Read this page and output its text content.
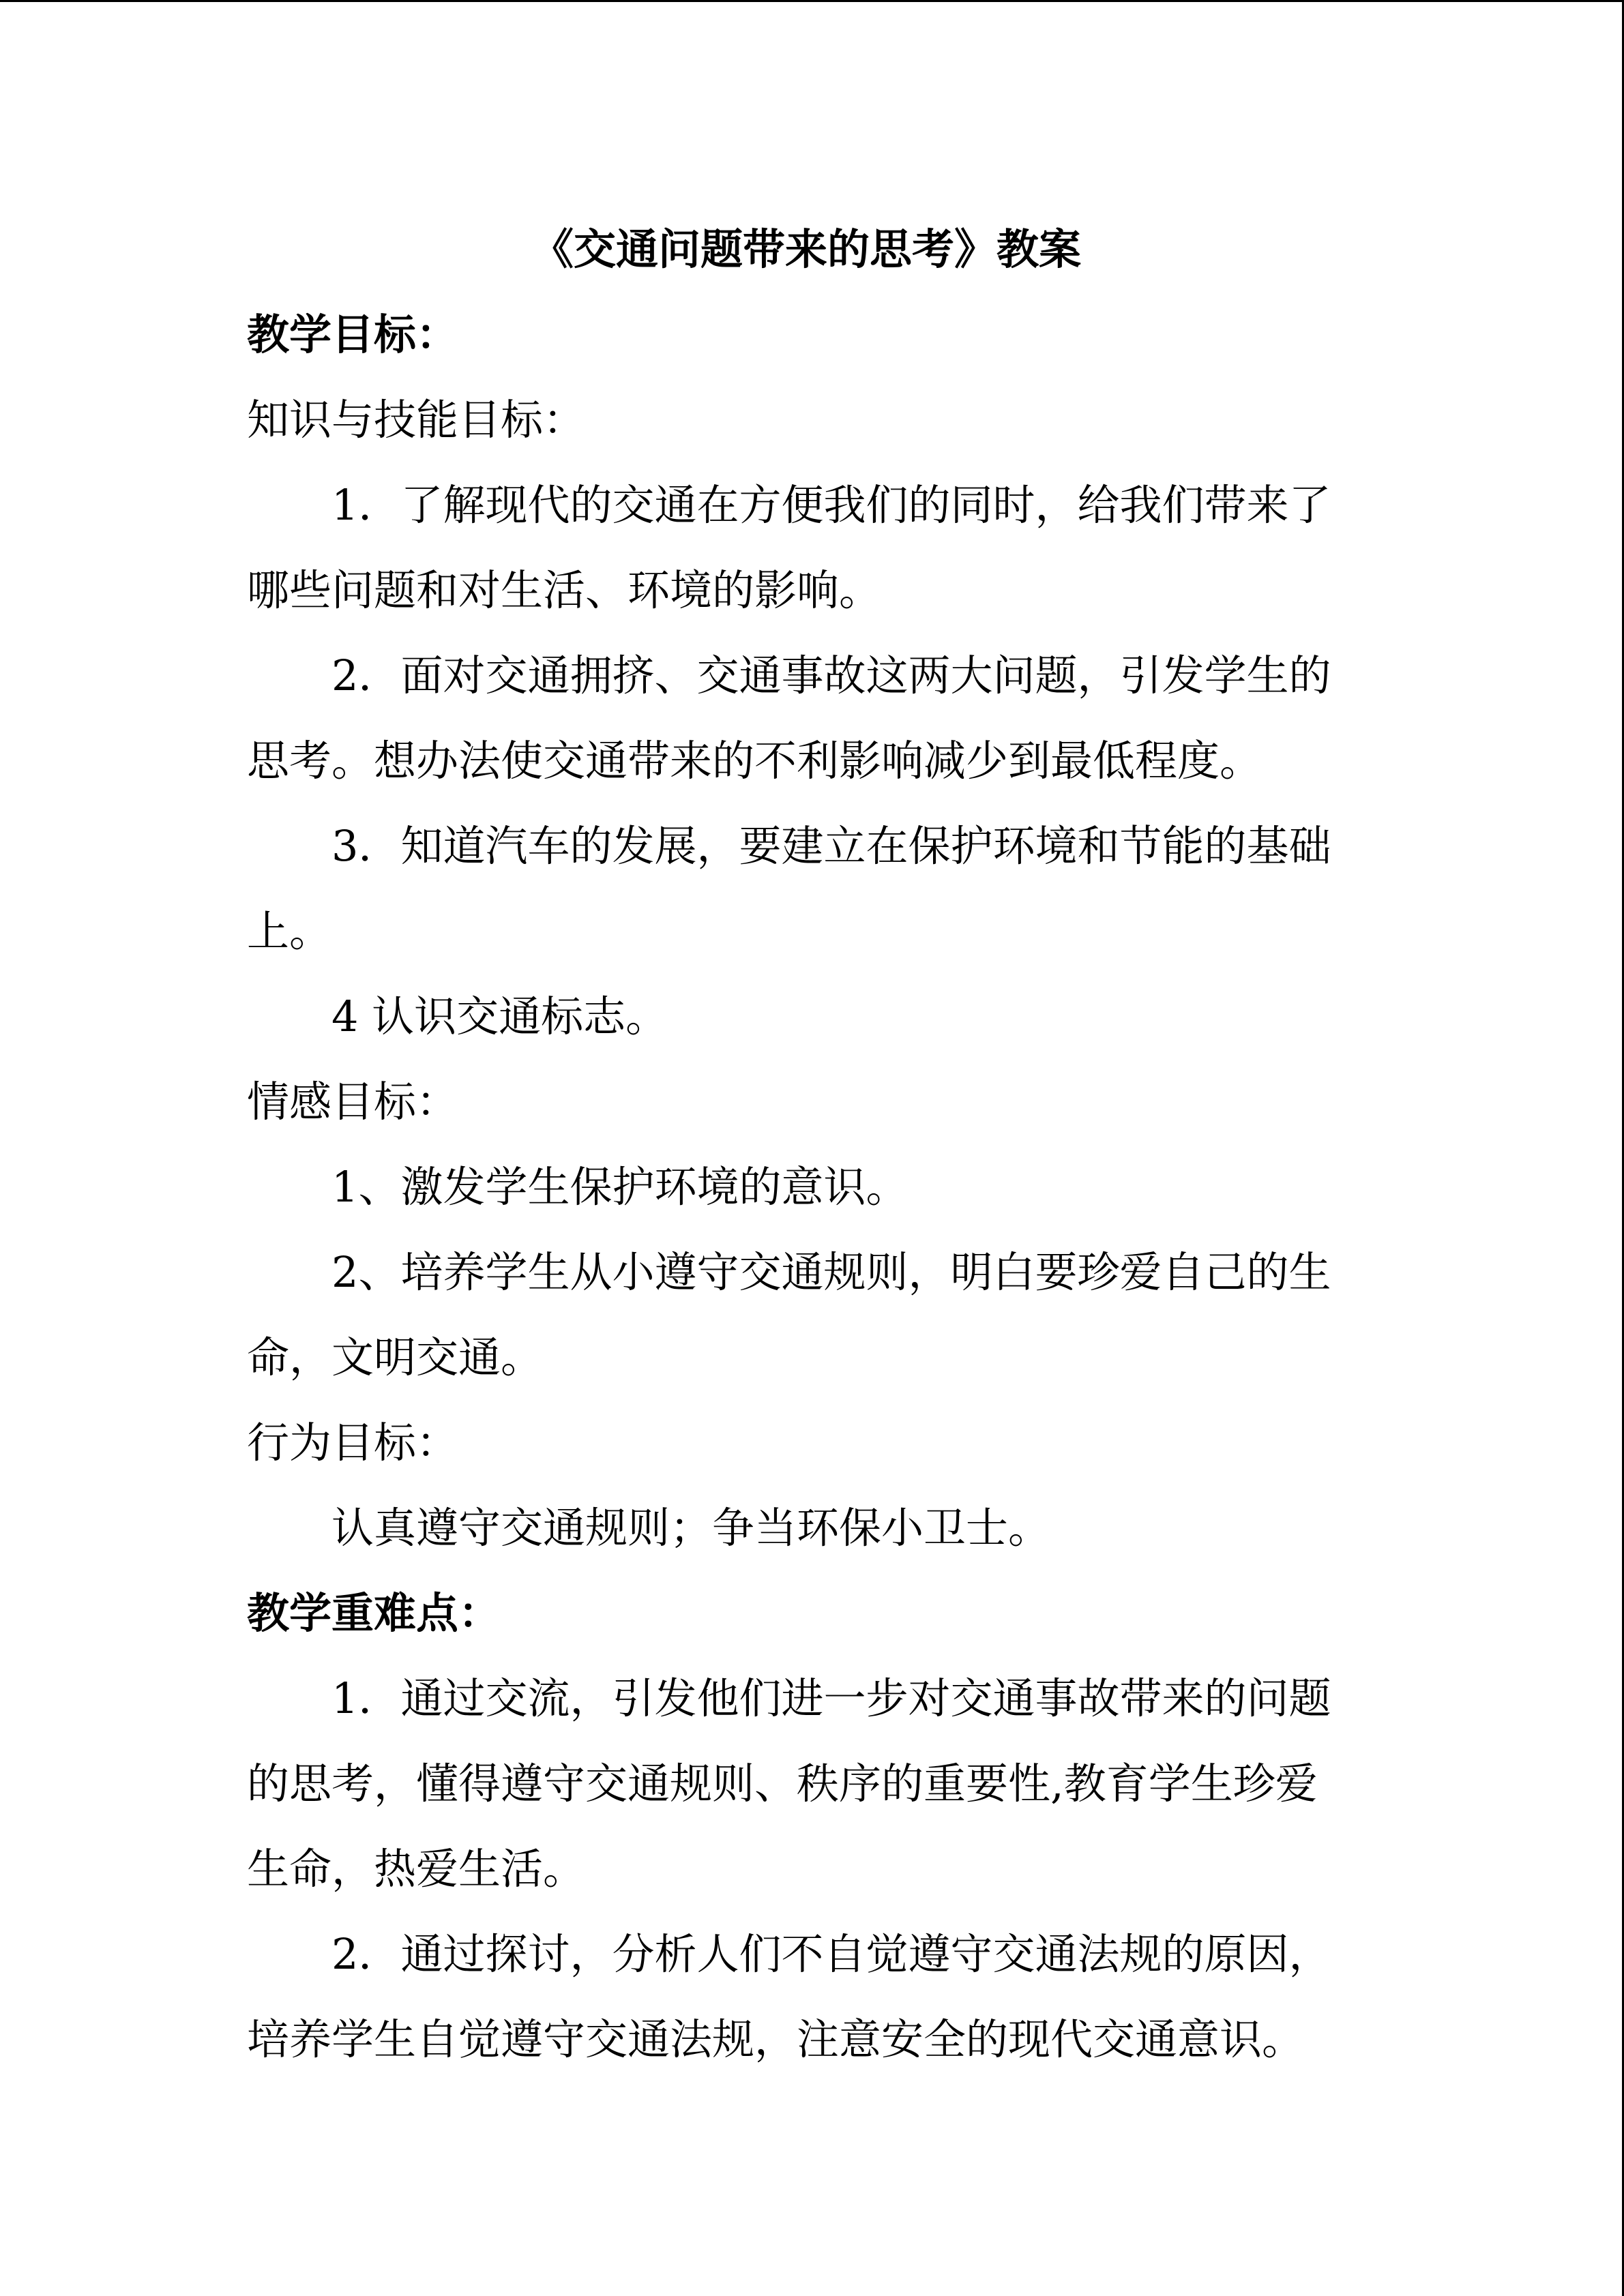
《交通问题带来的思考》教案

教学目标：

知识与技能目标：

1．了解现代的交通在方便我们的同时，给我们带来了

哪些问题和对生活、环境的影响。

2．面对交通拥挤、交通事故这两大问题，引发学生的

思考。想办法使交通带来的不利影响减少到最低程度。

3．知道汽车的发展，要建立在保护环境和节能的基础

上。

4 认识交通标志。

情感目标：

1、激发学生保护环境的意识。

2、培养学生从小遵守交通规则，明白要珍爱自己的生

命，文明交通。

行为目标：

认真遵守交通规则；争当环保小卫士。

教学重难点：

1．通过交流，引发他们进一步对交通事故带来的问题

的思考，懂得遵守交通规则、秩序的重要性,教育学生珍爱

生命，热爱生活。

2．通过探讨，分析人们不自觉遵守交通法规的原因，

培养学生自觉遵守交通法规，注意安全的现代交通意识。
